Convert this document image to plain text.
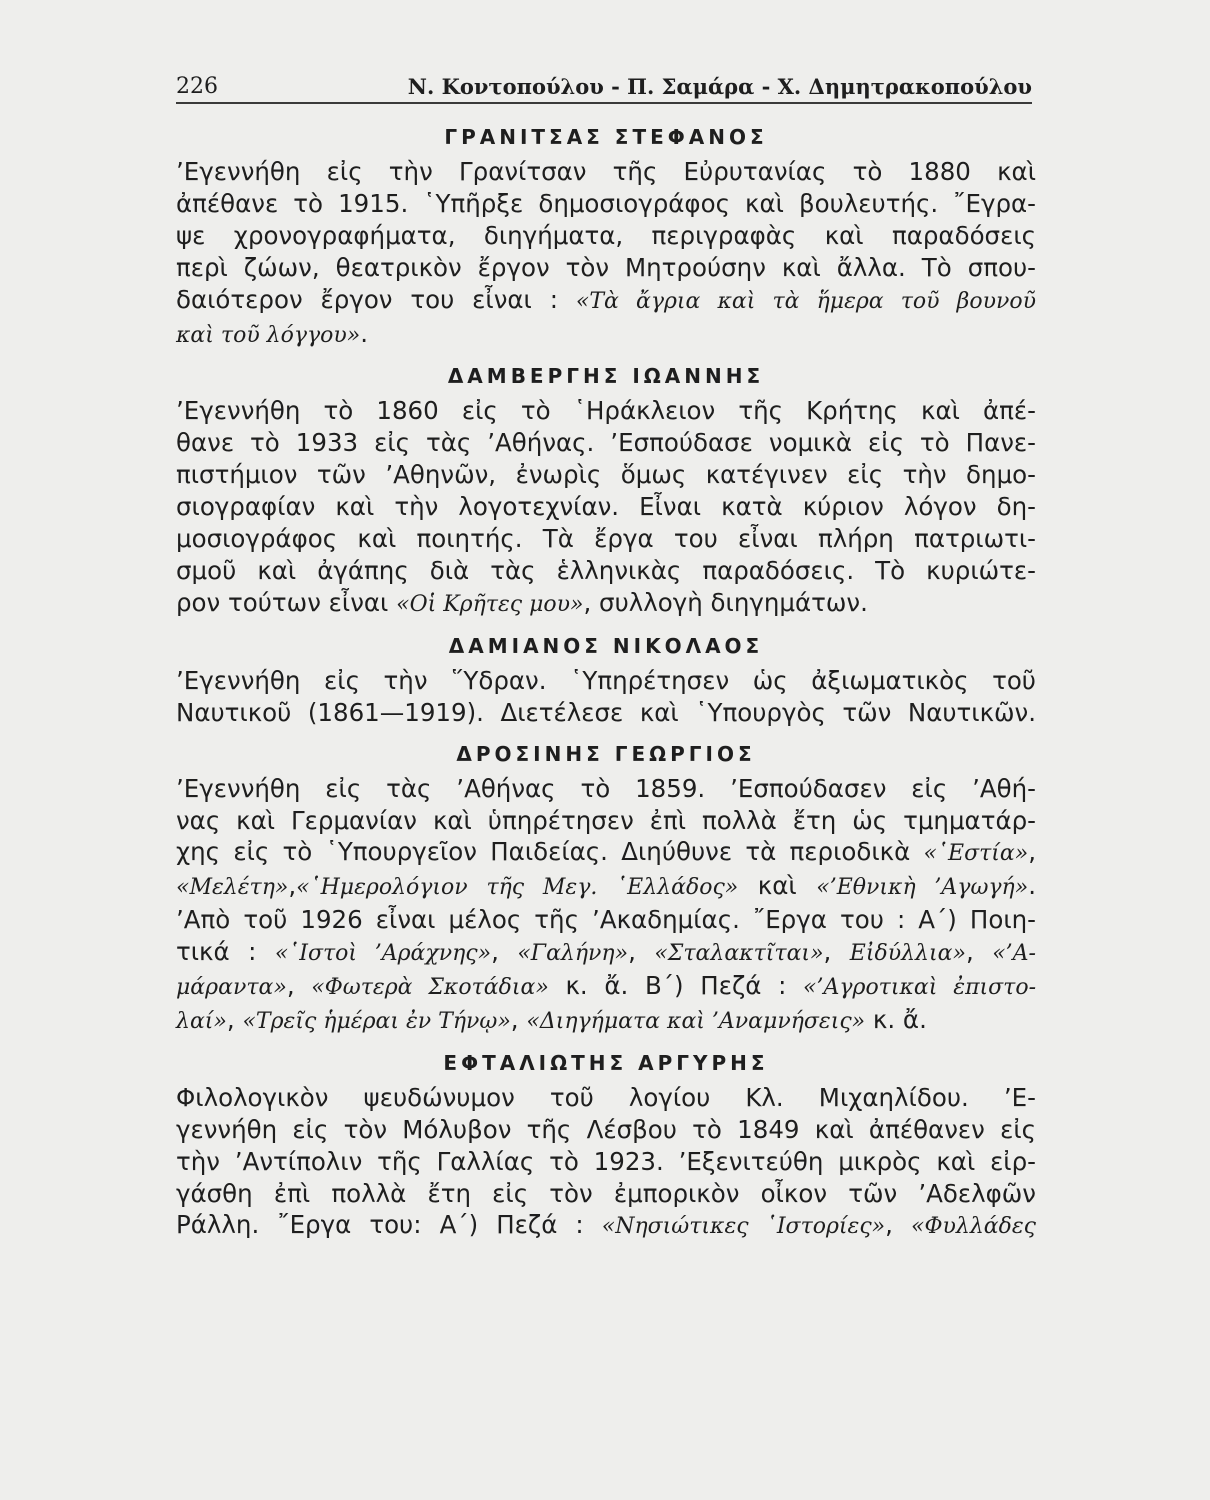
226	Ν. Κοντοπούλου - Π. Σαμάρα - Χ. Δημητρακοπούλου
ΓΡΑΝΙΤΣΑΣ ΣΤΕΦΑΝΟΣ
’Εγεννήθη εἰς τὴν Γρανίτσαν τῆς Εὐρυτανίας τὸ 1880 καὶ
ἀπέθανε τὸ 1915. ῾Υπῆρξε δημοσιογράφος καὶ βουλευτής. ῎Εγρα-
ψε χρονογραφήματα, διηγήματα, περιγραφὰς καὶ παραδόσεις
περὶ ζώων, θεατρικὸν ἔργον τὸν Μητρούσην καὶ ἄλλα. Τὸ σπου-
δαιότερον ἔργον του εἶναι : «Τὰ ἄγρια καὶ τὰ ἥμερα τοῦ βουνοῦ
καὶ τοῦ λόγγου».
ΔΑΜΒΕΡΓΗΣ ΙΩΑΝΝΗΣ
’Εγεννήθη τὸ 1860 εἰς τὸ ῾Ηράκλειον τῆς Κρήτης καὶ ἀπέ-
θανε τὸ 1933 εἰς τὰς ’Αθήνας. ’Εσπούδασε νομικὰ εἰς τὸ Πανε-
πιστήμιον τῶν ’Αθηνῶν, ἐνωρὶς ὅμως κατέγινεν εἰς τὴν δημο-
σιογραφίαν καὶ τὴν λογοτεχνίαν. Εἶναι κατὰ κύριον λόγον δη-
μοσιογράφος καὶ ποιητής. Τὰ ἔργα του εἶναι πλήρη πατριωτι-
σμοῦ καὶ ἀγάπης διὰ τὰς ἑλληνικὰς παραδόσεις. Τὸ κυριώτε-
ρον τούτων εἶναι «Οἱ Κρῆτες μου», συλλογὴ διηγημάτων.
ΔΑΜΙΑΝΟΣ ΝΙΚΟΛΑΟΣ
’Εγεννήθη εἰς τὴν ῞Υδραν. ῾Υπηρέτησεν ὡς ἀξιωματικὸς τοῦ
Ναυτικοῦ (1861—1919). Διετέλεσε καὶ ῾Υπουργὸς τῶν Ναυτικῶν.
ΔΡΟΣΙΝΗΣ ΓΕΩΡΓΙΟΣ
’Εγεννήθη εἰς τὰς ’Αθήνας τὸ 1859. ’Εσπούδασεν εἰς ’Αθή-
νας καὶ Γερμανίαν καὶ ὑπηρέτησεν ἐπὶ πολλὰ ἔτη ὡς τμηματάρ-
χης εἰς τὸ ῾Υπουργεῖον Παιδείας. Διηύθυνε τὰ περιοδικὰ «῾Εστία»,
«Μελέτη»,«῾Ημερολόγιον τῆς Μεγ. ῾Ελλάδος» καὶ «’Εθνικὴ ’Αγωγή».
’Απὸ τοῦ 1926 εἶναι μέλος τῆς ’Ακαδημίας. ῎Εργα του : Α΄) Ποιη-
τικά : «῾Ιστοὶ ’Αράχνης», «Γαλήνη», «Σταλακτῖται», Εἰδύλλια», «’Α-
μάραντα», «Φωτερὰ Σκοτάδια» κ. ἄ. Β΄) Πεζά : «’Αγροτικαὶ ἐπιστο-
λαί», «Τρεῖς ἡμέραι ἐν Τήνῳ», «Διηγήματα καὶ ’Αναμνήσεις» κ. ἄ.
ΕΦΤΑΛΙΩΤΗΣ ΑΡΓΥΡΗΣ
Φιλολογικὸν ψευδώνυμον τοῦ λογίου Κλ. Μιχαηλίδου. ’Ε-
γεννήθη εἰς τὸν Μόλυβον τῆς Λέσβου τὸ 1849 καὶ ἀπέθανεν εἰς
τὴν ’Αντίπολιν τῆς Γαλλίας τὸ 1923. ’Εξενιτεύθη μικρὸς καὶ εἰρ-
γάσθη ἐπὶ πολλὰ ἔτη εἰς τὸν ἐμπορικὸν οἶκον τῶν ’Αδελφῶν
Ράλλη. ῎Εργα του: Α΄) Πεζά : «Νησιώτικες ῾Ιστορίες», «Φυλλάδες
